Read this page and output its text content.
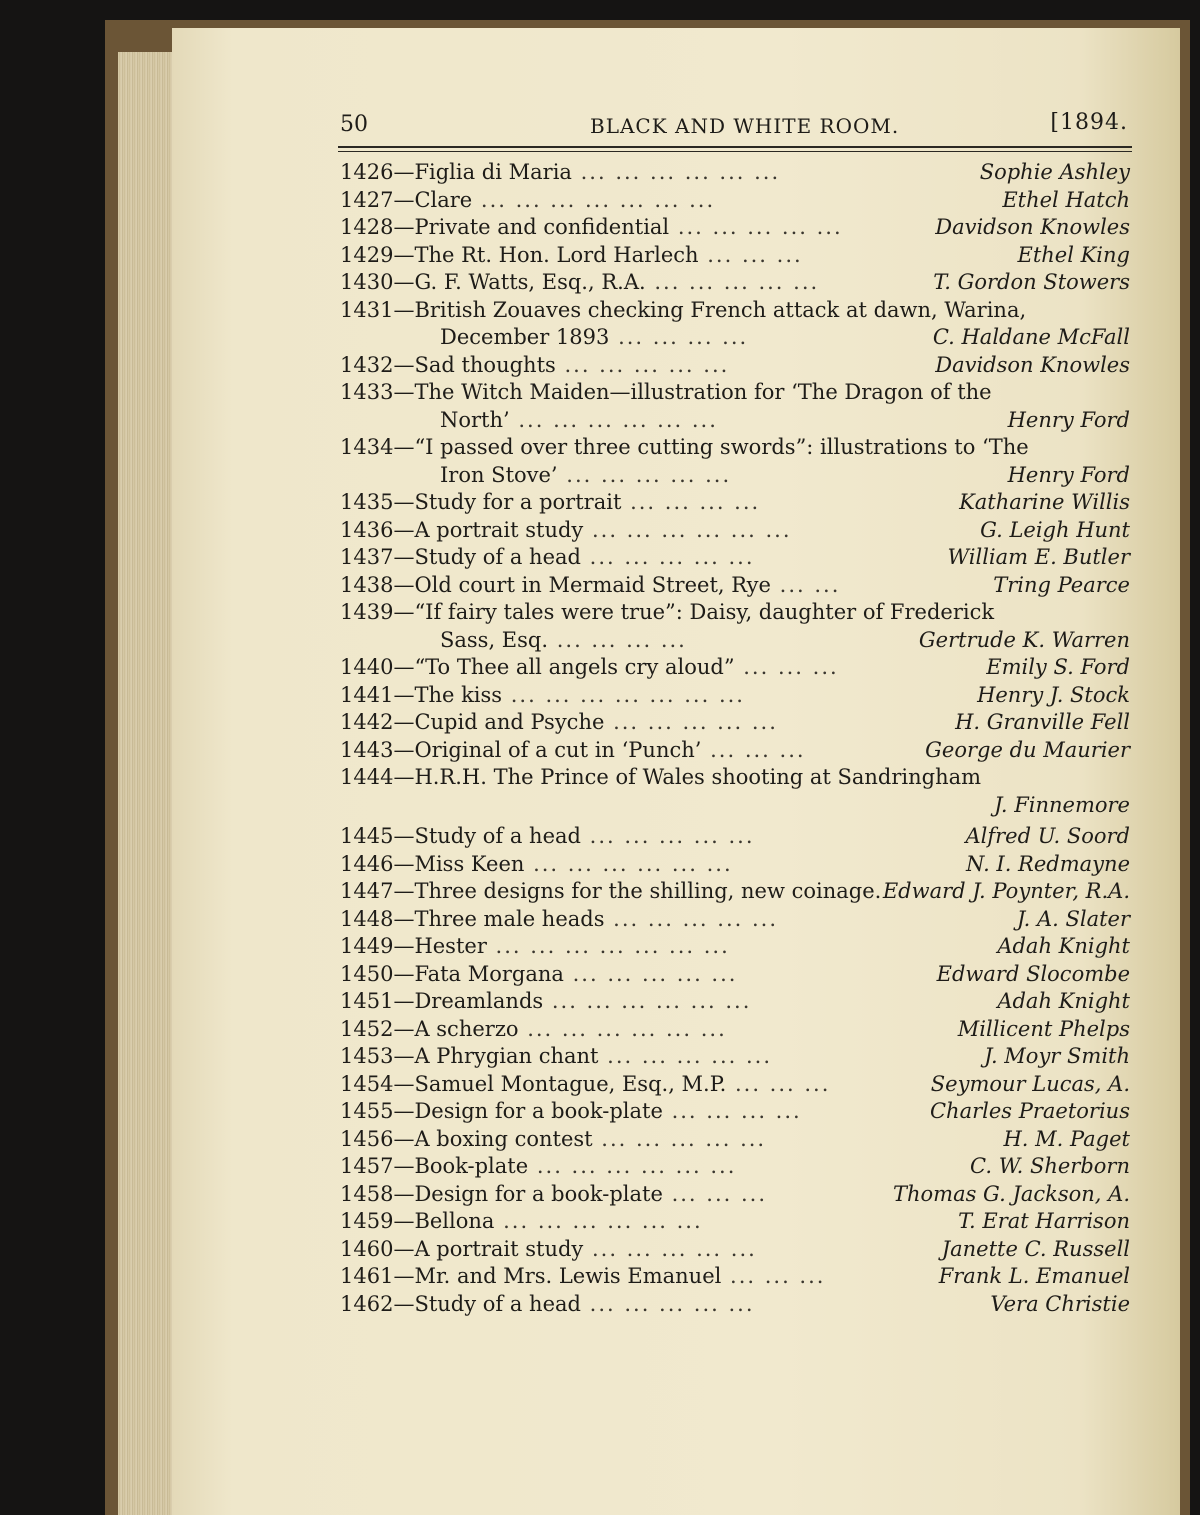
50	BLACK AND WHITE ROOM.	[1894.
1426—Figlia di Maria ... ... ... ... ... ...	Sophie Ashley
1427—Clare ... ... ... ... ... ... ...	Ethel Hatch
1428—Private and confidential ... ... ... ... ...	Davidson Knowles
1429—The Rt. Hon. Lord Harlech ... ... ...	Ethel King
1430—G. F. Watts, Esq., R.A. ... ... ... ... ...	T. Gordon Stowers
1431—British Zouaves checking French attack at dawn, Warina,
December 1893 ... ... ... ...	C. Haldane McFall
1432—Sad thoughts ... ... ... ... ...	Davidson Knowles
1433—The Witch Maiden—illustration for ‘The Dragon of the
North’ ... ... ... ... ... ...	Henry Ford
1434—“I passed over three cutting swords”: illustrations to ‘The
Iron Stove’ ... ... ... ... ...	Henry Ford
1435—Study for a portrait ... ... ... ...	Katharine Willis
1436—A portrait study ... ... ... ... ... ...	G. Leigh Hunt
1437—Study of a head ... ... ... ... ...	William E. Butler
1438—Old court in Mermaid Street, Rye ... ...	Tring Pearce
1439—“If fairy tales were true”: Daisy, daughter of Frederick
Sass, Esq. ... ... ... ...	Gertrude K. Warren
1440—“To Thee all angels cry aloud” ... ... ...	Emily S. Ford
1441—The kiss ... ... ... ... ... ... ...	Henry J. Stock
1442—Cupid and Psyche ... ... ... ... ...	H. Granville Fell
1443—Original of a cut in ‘Punch’ ... ... ...	George du Maurier
1444—H.R.H. The Prince of Wales shooting at Sandringham
J. Finnemore
1445—Study of a head ... ... ... ... ...	Alfred U. Soord
1446—Miss Keen ... ... ... ... ... ...	N. I. Redmayne
1447—Three designs for the shilling, new coinage. Edward J. Poynter, R.A.
1448—Three male heads ... ... ... ... ...	J. A. Slater
1449—Hester ... ... ... ... ... ... ...	Adah Knight
1450—Fata Morgana ... ... ... ... ...	Edward Slocombe
1451—Dreamlands ... ... ... ... ... ...	Adah Knight
1452—A scherzo ... ... ... ... ... ...	Millicent Phelps
1453—A Phrygian chant ... ... ... ... ...	J. Moyr Smith
1454—Samuel Montague, Esq., M.P. ... ... ...	Seymour Lucas, A.
1455—Design for a book-plate ... ... ... ...	Charles Praetorius
1456—A boxing contest ... ... ... ... ...	H. M. Paget
1457—Book-plate ... ... ... ... ... ...	C. W. Sherborn
1458—Design for a book-plate ... ... ...	Thomas G. Jackson, A.
1459—Bellona ... ... ... ... ... ...	T. Erat Harrison
1460—A portrait study ... ... ... ... ...	Janette C. Russell
1461—Mr. and Mrs. Lewis Emanuel ... ... ...	Frank L. Emanuel
1462—Study of a head ... ... ... ... ...	Vera Christie
